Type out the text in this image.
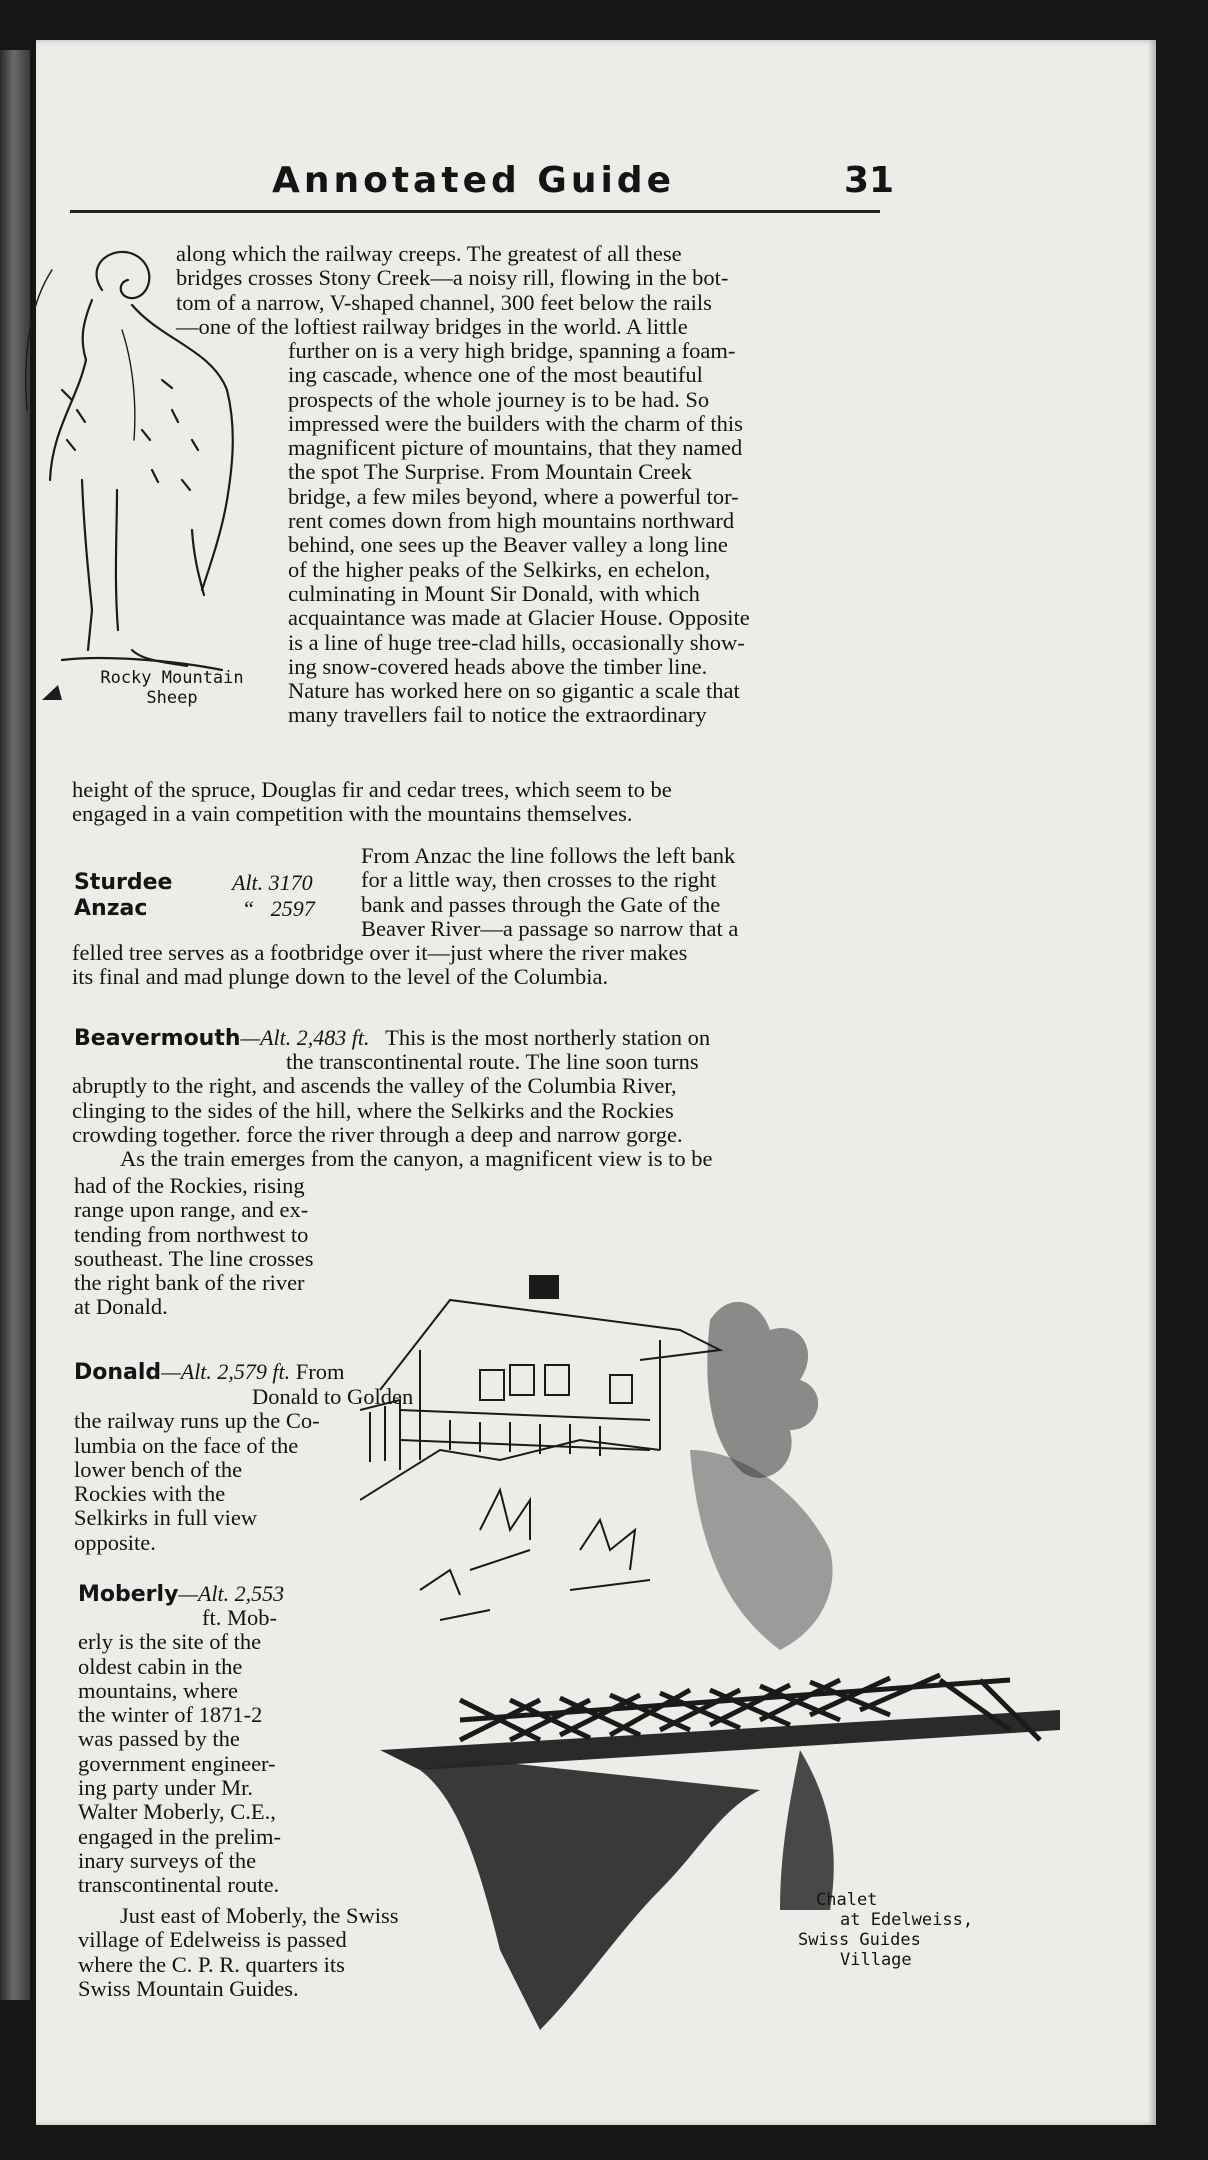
Annotated Guide	31
Rocky Mountain
Sheep
along which the railway creeps. The greatest of all these
bridges crosses Stony Creek—a noisy rill, flowing in the bot-
tom of a narrow, V-shaped channel, 300 feet below the rails
—one of the loftiest railway bridges in the world. A little
further on is a very high bridge, spanning a foam-
ing cascade, whence one of the most beautiful
prospects of the whole journey is to be had. So
impressed were the builders with the charm of this
magnificent picture of mountains, that they named
the spot The Surprise. From Mountain Creek
bridge, a few miles beyond, where a powerful tor-
rent comes down from high mountains northward
behind, one sees up the Beaver valley a long line
of the higher peaks of the Selkirks, en echelon,
culminating in Mount Sir Donald, with which
acquaintance was made at Glacier House. Opposite
is a line of huge tree-clad hills, occasionally show-
ing snow-covered heads above the timber line.
Nature has worked here on so gigantic a scale that
many travellers fail to notice the extraordinary
height of the spruce, Douglas fir and cedar trees, which seem to be
engaged in a vain competition with the mountains themselves.
Sturdee	Alt. 3170
Anzac	“   2597
From Anzac the line follows the left bank
for a little way, then crosses to the right
bank and passes through the Gate of the
Beaver River—a passage so narrow that a
felled tree serves as a footbridge over it—just where the river makes
its final and mad plunge down to the level of the Columbia.
Beavermouth—Alt. 2,483 ft. This is the most northerly station on
the transcontinental route. The line soon turns
abruptly to the right, and ascends the valley of the Columbia River,
clinging to the sides of the hill, where the Selkirks and the Rockies
crowding together. force the river through a deep and narrow gorge.
As the train emerges from the canyon, a magnificent view is to be
had of the Rockies, rising
range upon range, and ex-
tending from northwest to
southeast. The line crosses
the right bank of the river
at Donald.
Donald—Alt. 2,579 ft. From
Donald to Golden
the railway runs up the Co-
lumbia on the face of the
lower bench of the
Rockies with the
Selkirks in full view
opposite.
Moberly—Alt. 2,553
ft. Mob-
erly is the site of the
oldest cabin in the
mountains, where
the winter of 1871-2
was passed by the
government engineer-
ing party under Mr.
Walter Moberly, C.E.,
engaged in the prelim-
inary surveys of the
transcontinental route.
Just east of Moberly, the Swiss
village of Edelweiss is passed
where the C. P. R. quarters its
Swiss Mountain Guides.
Chalet
at Edelweiss,
Swiss Guides
Village
